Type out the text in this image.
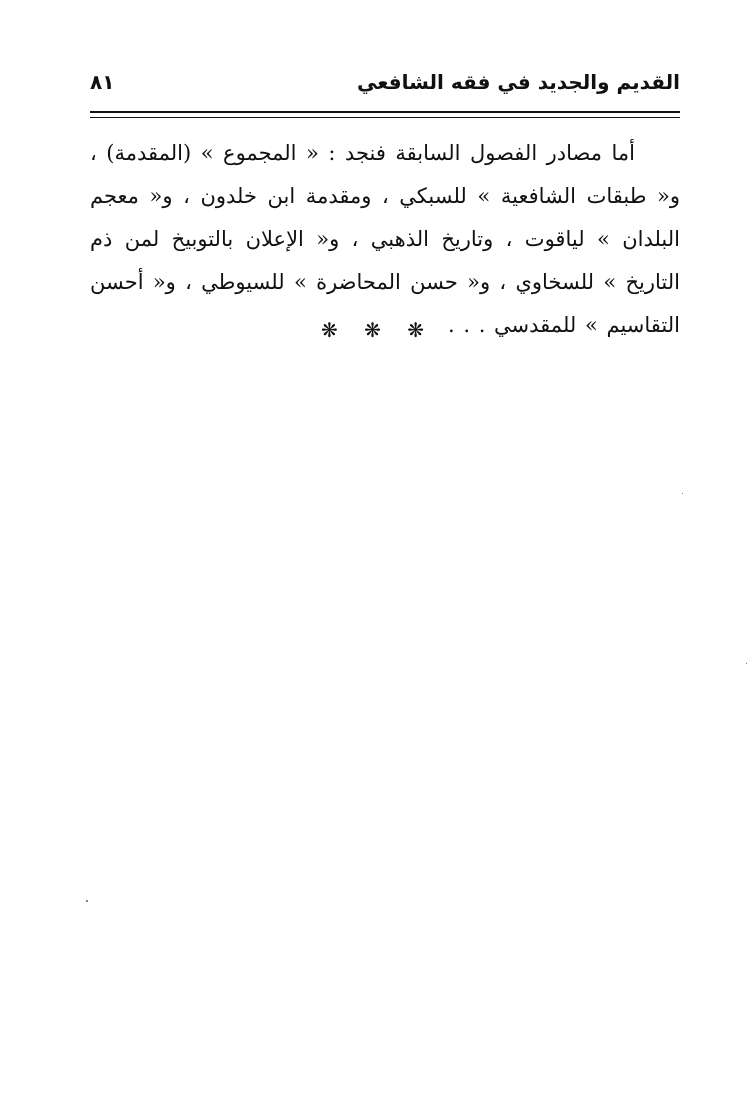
القديم والجديد في فقه الشافعي
٨١

أما مصادر الفصول السابقة فنجد : « المجموع » (المقدمة) ، و« طبقات الشافعية » للسبكي ، ومقدمة ابن خلدون ، و« معجم البلدان » لياقوت ، وتاريخ الذهبي ، و« الإعلان بالتوبيخ لمن ذم التاريخ » للسخاوي ، و« حسن المحاضرة » للسيوطي ، و« أحسن التقاسيم » للمقدسي . . .

❋ ❋ ❋
